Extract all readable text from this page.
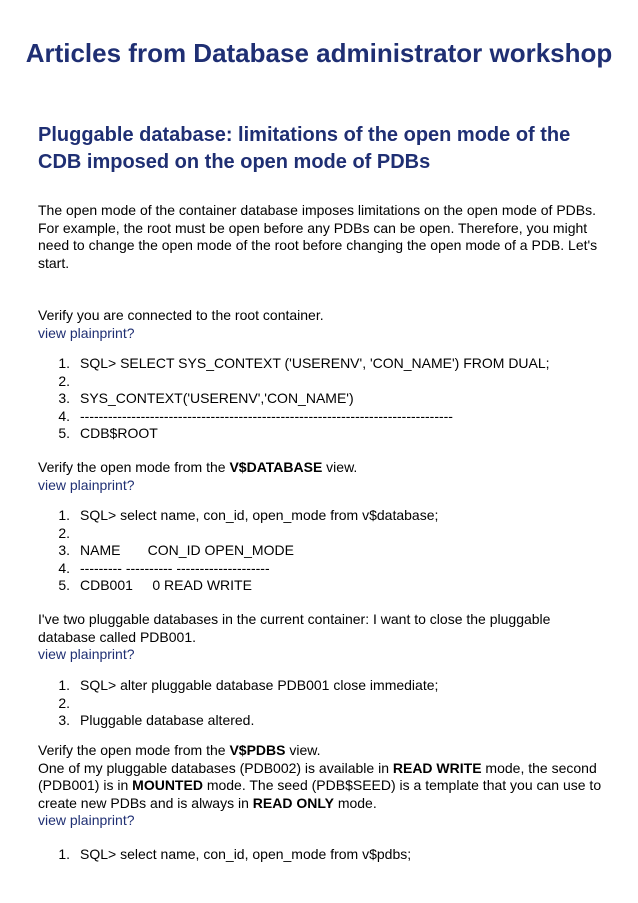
Articles from Database administrator workshop
Pluggable database: limitations of the open mode of the CDB imposed on the open mode of PDBs

The open mode of the container database imposes limitations on the open mode of PDBs.
For example, the root must be open before any PDBs can be open. Therefore, you might need to change the open mode of the root before changing the open mode of a PDB. Let's start.

Verify you are connected to the root container.
view plainprint?

1. SQL> SELECT SYS_CONTEXT ('USERENV', 'CON_NAME') FROM DUAL;
2.
3. SYS_CONTEXT('USERENV','CON_NAME')
4. --------------------------------------------------------------------------------
5. CDB$ROOT

Verify the open mode from the V$DATABASE view.
view plainprint?

1. SQL> select name, con_id, open_mode from v$database;
2.
3. NAME       CON_ID OPEN_MODE
4. --------- ---------- --------------------
5. CDB001     0 READ WRITE

I've two pluggable databases in the current container: I want to close the pluggable database called PDB001.
view plainprint?

1. SQL> alter pluggable database PDB001 close immediate;
2.
3. Pluggable database altered.

Verify the open mode from the V$PDBS view.
One of my pluggable databases (PDB002) is available in READ WRITE mode, the second (PDB001) is in MOUNTED mode. The seed (PDB$SEED) is a template that you can use to create new PDBs and is always in READ ONLY mode.
view plainprint?

1. SQL> select name, con_id, open_mode from v$pdbs;
